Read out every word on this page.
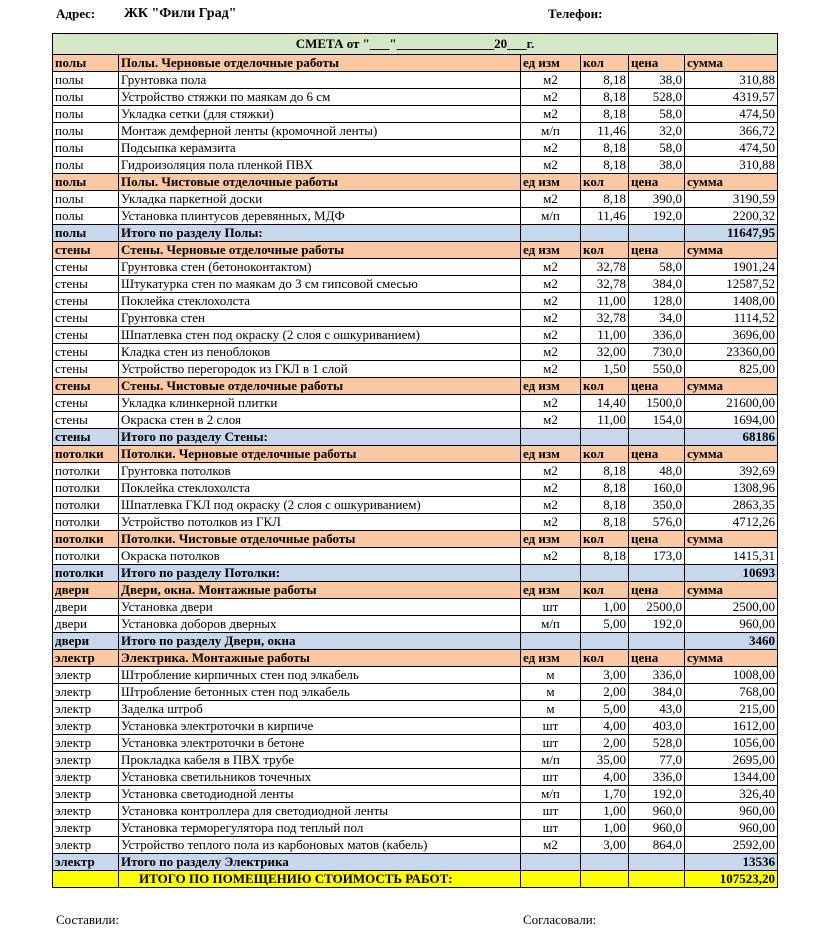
Адрес: ЖК "Фили Град"	Телефон:
СМЕТА от "___"_______________20___г.					
полы	Полы. Черновые отделочные работы	ед изм	кол	цена	сумма
полы	Грунтовка пола	м2	8,18	38,0	310,88
полы	Устройство стяжки по маякам до 6 см	м2	8,18	528,0	4319,57
полы	Укладка сетки (для стяжки)	м2	8,18	58,0	474,50
полы	Монтаж демферной ленты (кромочной ленты)	м/п	11,46	32,0	366,72
полы	Подсыпка керамзита	м2	8,18	58,0	474,50
полы	Гидроизоляция пола пленкой ПВХ	м2	8,18	38,0	310,88
полы	Полы. Чистовые отделочные работы	ед изм	кол	цена	сумма
полы	Укладка паркетной доски	м2	8,18	390,0	3190,59
полы	Установка плинтусов деревянных, МДФ	м/п	11,46	192,0	2200,32
полы	Итого по разделу Полы:				11647,95
стены	Стены. Черновые отделочные работы	ед изм	кол	цена	сумма
стены	Грунтовка стен (бетоноконтактом)	м2	32,78	58,0	1901,24
стены	Штукатурка стен по маякам до 3 см гипсовой смесью	м2	32,78	384,0	12587,52
стены	Поклейка стеклохолста	м2	11,00	128,0	1408,00
стены	Грунтовка стен	м2	32,78	34,0	1114,52
стены	Шпатлевка стен под окраску (2 слоя с ошкуриванием)	м2	11,00	336,0	3696,00
стены	Кладка стен из пеноблоков	м2	32,00	730,0	23360,00
стены	Устройство перегородок из ГКЛ в 1 слой	м2	1,50	550,0	825,00
стены	Стены. Чистовые отделочные работы	ед изм	кол	цена	сумма
стены	Укладка клинкерной плитки	м2	14,40	1500,0	21600,00
стены	Окраска стен в 2 слоя	м2	11,00	154,0	1694,00
стены	Итого по разделу Стены:				68186
потолки	Потолки. Черновые отделочные работы	ед изм	кол	цена	сумма
потолки	Грунтовка потолков	м2	8,18	48,0	392,69
потолки	Поклейка стеклохолста	м2	8,18	160,0	1308,96
потолки	Шпатлевка ГКЛ под окраску (2 слоя с ошкуриванием)	м2	8,18	350,0	2863,35
потолки	Устройство потолков из ГКЛ	м2	8,18	576,0	4712,26
потолки	Потолки. Чистовые отделочные работы	ед изм	кол	цена	сумма
потолки	Окраска потолков	м2	8,18	173,0	1415,31
потолки	Итого по разделу Потолки:				10693
двери	Двери, окна. Монтажные работы	ед изм	кол	цена	сумма
двери	Установка двери	шт	1,00	2500,0	2500,00
двери	Установка доборов дверных	м/п	5,00	192,0	960,00
двери	Итого по разделу Двери, окна				3460
электр	Электрика. Монтажные работы	ед изм	кол	цена	сумма
электр	Штробление кирпичных стен под элкабель	м	3,00	336,0	1008,00
электр	Штробление бетонных стен под элкабель	м	2,00	384,0	768,00
электр	Заделка штроб	м	5,00	43,0	215,00
электр	Установка электроточки в кирпиче	шт	4,00	403,0	1612,00
электр	Установка электроточки в бетоне	шт	2,00	528,0	1056,00
электр	Прокладка кабеля в ПВХ трубе	м/п	35,00	77,0	2695,00
электр	Установка светильников точечных	шт	4,00	336,0	1344,00
электр	Установка светодиодной ленты	м/п	1,70	192,0	326,40
электр	Установка контроллера для светодиодной ленты	шт	1,00	960,0	960,00
электр	Установка терморегулятора под теплый пол	шт	1,00	960,0	960,00
электр	Устройство теплого пола из карбоновых матов (кабель)	м2	3,00	864,0	2592,00
электр	Итого по разделу Электрика				13536
	ИТОГО ПО ПОМЕЩЕНИЮ СТОИМОСТЬ РАБОТ:				107523,20
Составили:	Согласовали:
